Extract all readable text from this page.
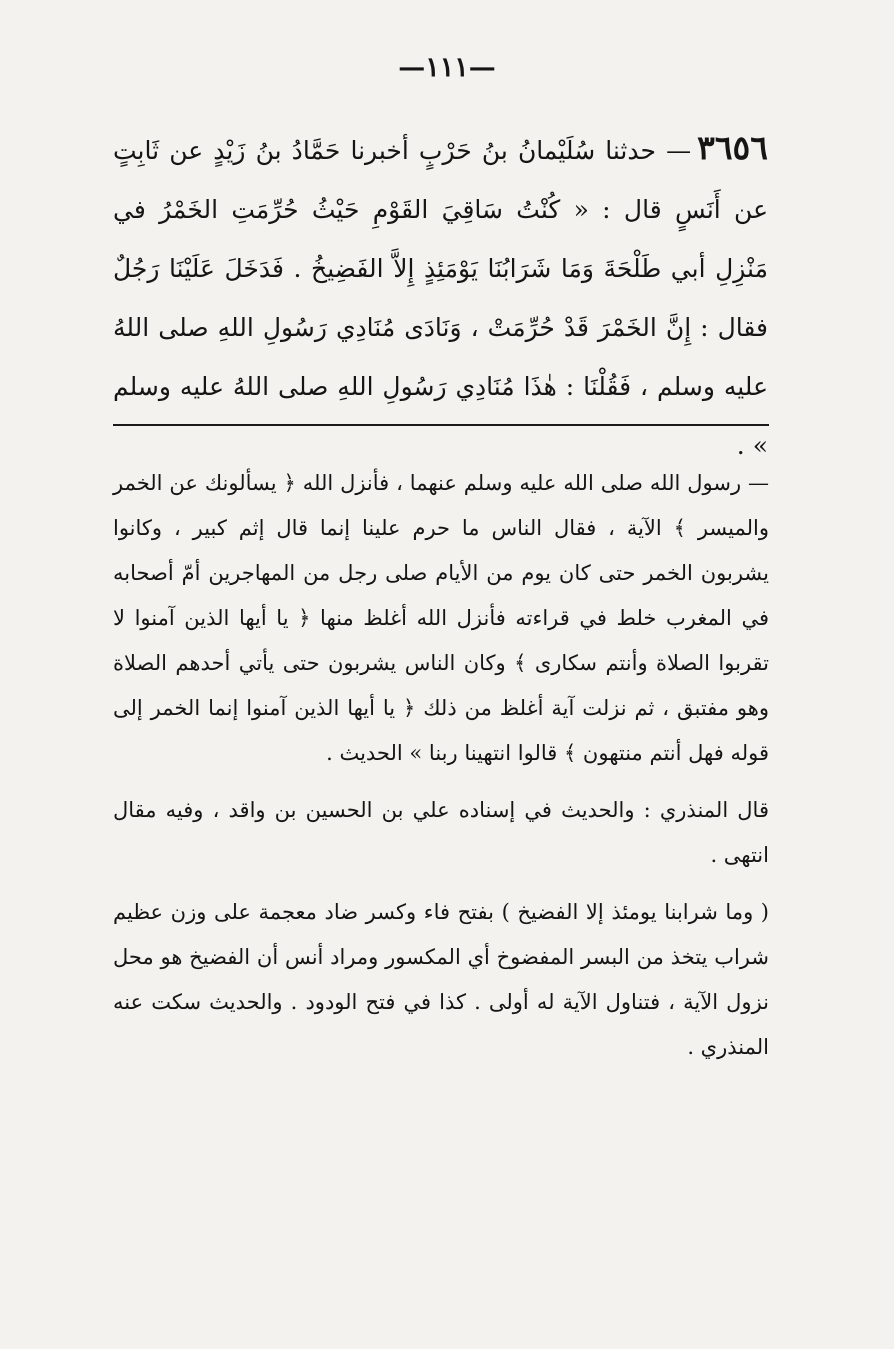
—١١١—
٣٦٥٦— حدثنا سُلَيْمانُ بنُ حَرْبٍ أخبرنا حَمَّادُ بنُ زَيْدٍ عن ثَابِتٍ عن أَنَسٍ قال : « كُنْتُ سَاقِيَ القَوْمِ حَيْثُ حُرِّمَتِ الخَمْرُ في مَنْزِلِ أبي طَلْحَةَ وَمَا شَرَابُنَا يَوْمَئِذٍ إِلاَّ الفَضِيخُ . فَدَخَلَ عَلَيْنَا رَجُلٌ فقال : إِنَّ الخَمْرَ قَدْ حُرِّمَتْ ، وَنَادَى مُنَادِي رَسُولِ اللهِ صلى اللهُ عليه وسلم ، فَقُلْنَا : هٰذَا مُنَادِي رَسُولِ اللهِ صلى اللهُ عليه وسلم » .

— رسول الله صلى الله عليه وسلم عنهما ، فأنزل الله ﴿ يسألونك عن الخمر والميسر ﴾ الآية ، فقال الناس ما حرم علينا إنما قال إثم كبير ، وكانوا يشربون الخمر حتى كان يوم من الأيام صلى رجل من المهاجرين أمّ أصحابه في المغرب خلط في قراءته فأنزل الله أغلظ منها ﴿ يا أيها الذين آمنوا لا تقربوا الصلاة وأنتم سكارى ﴾ وكان الناس يشربون حتى يأتي أحدهم الصلاة وهو مفتبق ، ثم نزلت آية أغلظ من ذلك ﴿ يا أيها الذين آمنوا إنما الخمر إلى قوله فهل أنتم منتهون ﴾ قالوا انتهينا ربنا » الحديث .

قال المنذري : والحديث في إسناده علي بن الحسين بن واقد ، وفيه مقال انتهى .

( وما شرابنا يومئذ إلا الفضيخ ) بفتح فاء وكسر ضاد معجمة على وزن عظيم شراب يتخذ من البسر المفضوخ أي المكسور ومراد أنس أن الفضيخ هو محل نزول الآية ، فتناول الآية له أولى . كذا في فتح الودود . والحديث سكت عنه المنذري .
